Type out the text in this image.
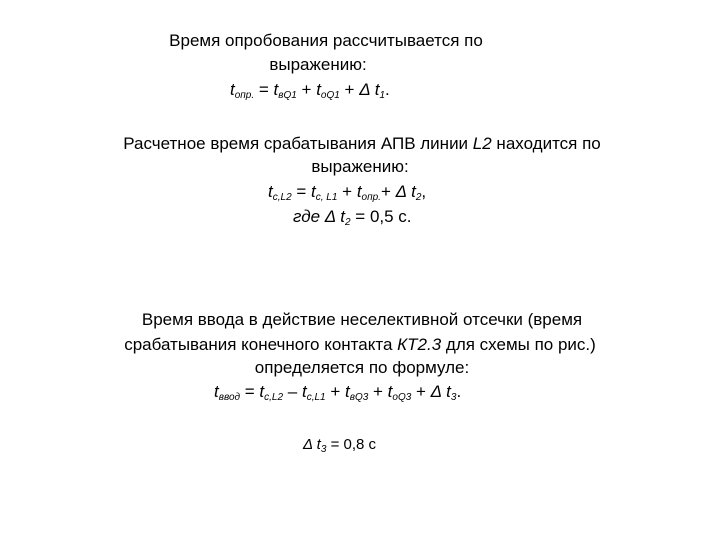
Время опробования рассчитывается по
выражению:
$t_{опр.} = t_{вQ1} + t_{оQ1} + \Delta$ $t_1$.
Расчетное время срабатывания АПВ линии L2 находится по
выражению:
$t_{c,L2} = t_{c, L1} + t_{опр.}+ \Delta$ $t_2$,
где Δ $t_2 = 0,5$ с.
Время ввода в действие неселективной отсечки (время
срабатывания конечного контакта КТ2.3 для схемы по рис.)
определяется по формуле:
$t_{ввод} = t_{c,L2} - t_{c,L1} + t_{вQ3} + t_{оQ3} + \Delta$ $t_3$.
Δ $t_3 = 0,8$ с
